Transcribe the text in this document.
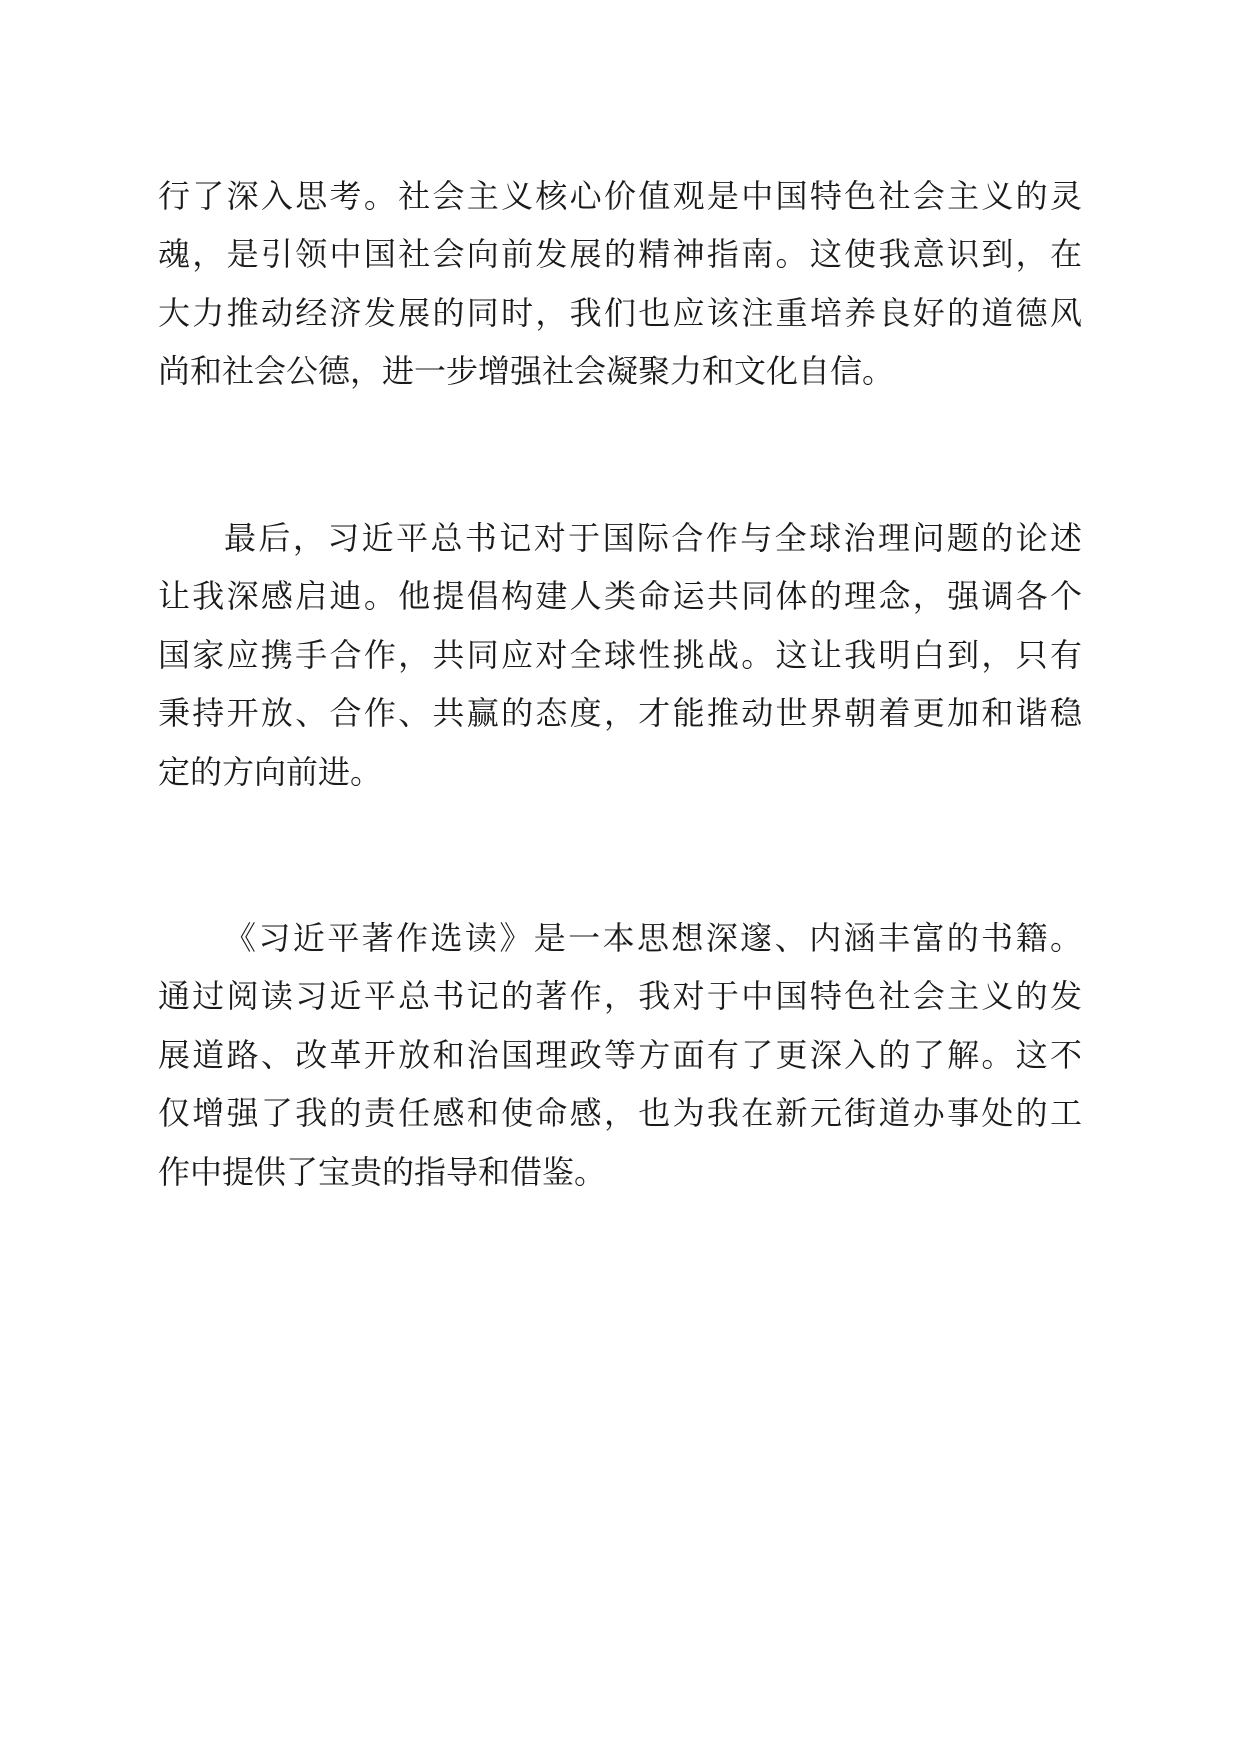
行了深入思考。社会主义核心价值观是中国特色社会主义的灵
魂，是引领中国社会向前发展的精神指南。这使我意识到，在
大力推动经济发展的同时，我们也应该注重培养良好的道德风
尚和社会公德，进一步增强社会凝聚力和文化自信。
最后，习近平总书记对于国际合作与全球治理问题的论述
让我深感启迪。他提倡构建人类命运共同体的理念，强调各个
国家应携手合作，共同应对全球性挑战。这让我明白到，只有
秉持开放、合作、共赢的态度，才能推动世界朝着更加和谐稳
定的方向前进。
《习近平著作选读》是一本思想深邃、内涵丰富的书籍。
通过阅读习近平总书记的著作，我对于中国特色社会主义的发
展道路、改革开放和治国理政等方面有了更深入的了解。这不
仅增强了我的责任感和使命感，也为我在新元街道办事处的工
作中提供了宝贵的指导和借鉴。
